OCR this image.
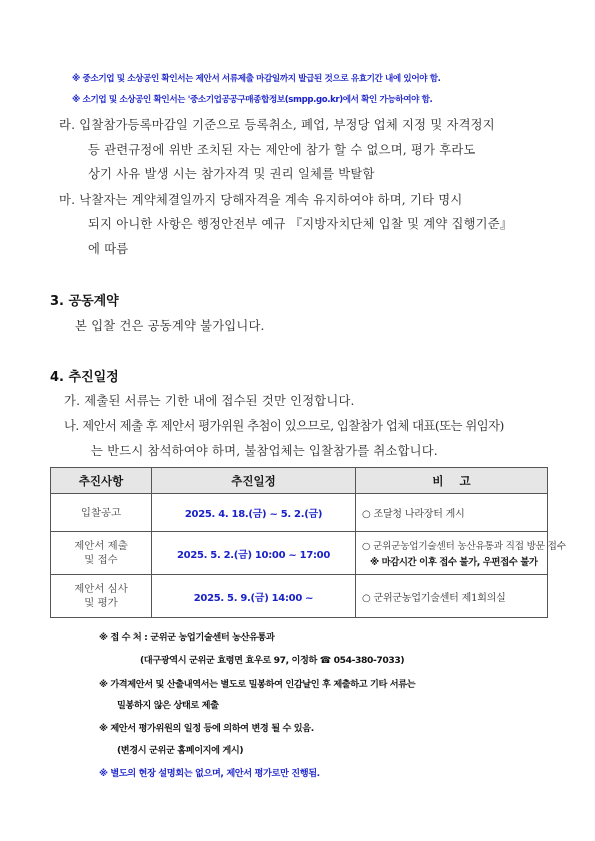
※ 중소기업 및 소상공인 확인서는 제안서 서류제출 마감일까지 발급된 것으로 유효기간 내에 있어야 함.
※ 소기업 및 소상공인 확인서는 '중소기업공공구매종합정보(smpp.go.kr)에서 확인 가능하여야 함.
라. 입찰참가등록마감일 기준으로 등록취소, 폐업, 부정당 업체 지정 및 자격정지
등 관련규정에 위반 조치된 자는 제안에 참가 할 수 없으며, 평가 후라도
상기 사유 발생 시는 참가자격 및 권리 일체를 박탈함
마. 낙찰자는 계약체결일까지 당해자격을 계속 유지하여야 하며, 기타 명시
되지 아니한 사항은 행정안전부 예규 『지방자치단체 입찰 및 계약 집행기준』
에 따름
3. 공동계약
본 입찰 건은 공동계약 불가입니다.
4. 추진일정
가. 제출된 서류는 기한 내에 접수된 것만 인정합니다.
나. 제안서 제출 후 제안서 평가위원 추첨이 있으므로, 입찰참가 업체 대표(또는 위임자)
는 반드시 참석하여야 하며, 불참업체는 입찰참가를 취소합니다.
추진사항	추진일정	비    고
입찰공고	2025. 4. 18.(금) ~ 5. 2.(금)	○ 조달청 나라장터 게시
제안서 제출
및 접수	2025. 5. 2.(금) 10:00 ~ 17:00	○ 군위군농업기술센터 농산유통과 직접 방문 접수
※ 마감시간 이후 접수 불가, 우편접수 불가

제안서 심사
및 평가	2025. 5. 9.(금) 14:00 ~	○ 군위군농업기술센터 제1회의실
※ 접 수 처 : 군위군 농업기술센터 농산유통과
(대구광역시 군위군 효령면 효우로 97, 이정하 ☎ 054-380-7033)
※ 가격제안서 및 산출내역서는 별도로 밀봉하여 인감날인 후 제출하고 기타 서류는
밀봉하지 않은 상태로 제출
※ 제안서 평가위원의 일정 등에 의하여 변경 될 수 있음.
(변경시 군위군 홈페이지에 게시)
※ 별도의 현장 설명회는 없으며, 제안서 평가로만 진행됨.
